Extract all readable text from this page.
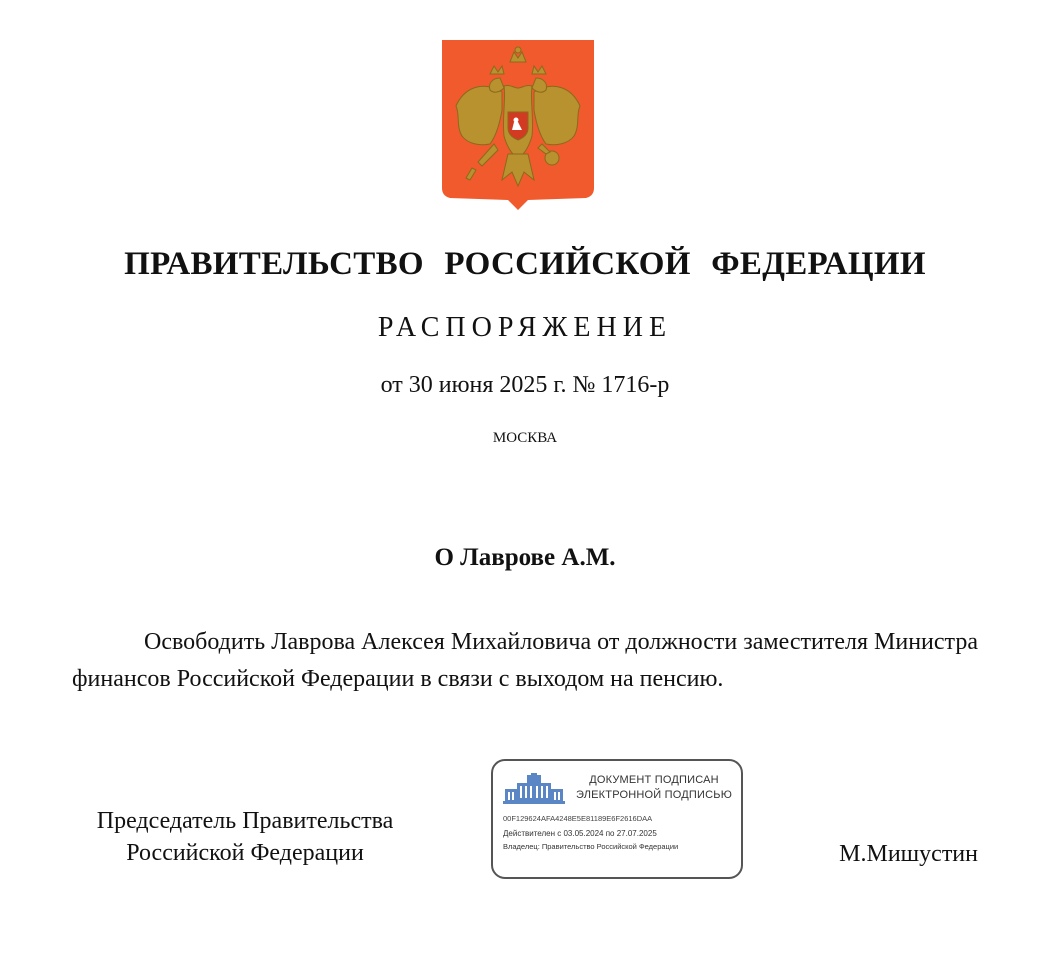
ПРАВИТЕЛЬСТВО РОССИЙСКОЙ ФЕДЕРАЦИИ
РАСПОРЯЖЕНИЕ
от 30 июня 2025 г. № 1716-р
МОСКВА
О Лаврове А.М.

Освободить Лаврова Алексея Михайловича от должности заместителя Министра финансов Российской Федерации в связи с выходом на пенсию.

Председатель Правительства
Российской Федерации
ДОКУМЕНТ ПОДПИСАН
ЭЛЕКТРОННОЙ ПОДПИСЬЮ
00F129624AFA4248E5E81189E6F2616DAA
Действителен с 03.05.2024 по 27.07.2025
Владелец: Правительство Российской Федерации	М.Мишустин
